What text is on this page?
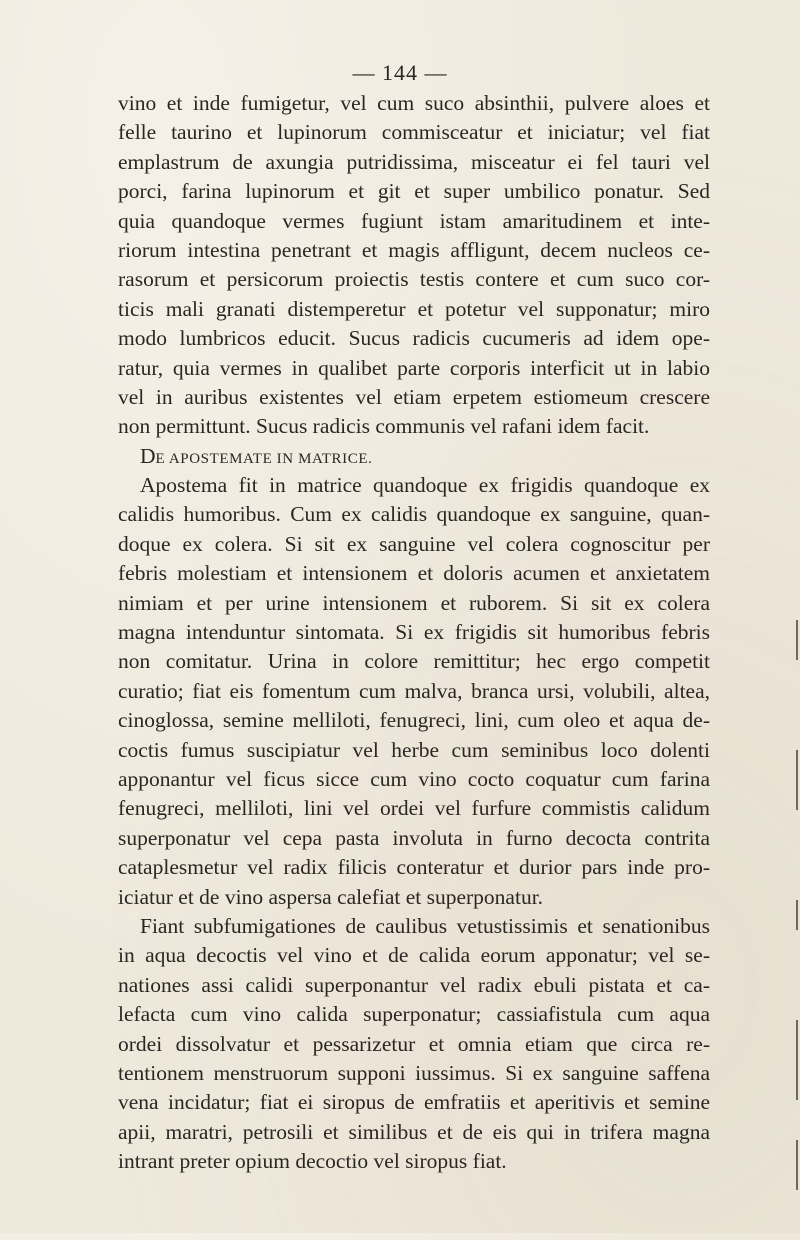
— 144 —
vino et inde fumigetur, vel cum suco absinthii, pulvere aloes et
felle taurino et lupinorum commisceatur et iniciatur; vel fiat
emplastrum de axungia putridissima, misceatur ei fel tauri vel
porci, farina lupinorum et git et super umbilico ponatur. Sed
quia quandoque vermes fugiunt istam amaritudinem et inte-
riorum intestina penetrant et magis affligunt, decem nucleos ce-
rasorum et persicorum proiectis testis contere et cum suco cor-
ticis mali granati distemperetur et potetur vel supponatur; miro
modo lumbricos educit. Sucus radicis cucumeris ad idem ope-
ratur, quia vermes in qualibet parte corporis interficit ut in labio
vel in auribus existentes vel etiam erpetem estiomeum crescere
non permittunt. Sucus radicis communis vel rafani idem facit.
DE APOSTEMATE IN MATRICE.
Apostema fit in matrice quandoque ex frigidis quandoque ex
calidis humoribus. Cum ex calidis quandoque ex sanguine, quan-
doque ex colera. Si sit ex sanguine vel colera cognoscitur per
febris molestiam et intensionem et doloris acumen et anxietatem
nimiam et per urine intensionem et ruborem. Si sit ex colera
magna intenduntur sintomata. Si ex frigidis sit humoribus febris
non comitatur. Urina in colore remittitur; hec ergo competit
curatio; fiat eis fomentum cum malva, branca ursi, volubili, altea,
cinoglossa, semine melliloti, fenugreci, lini, cum oleo et aqua de-
coctis fumus suscipiatur vel herbe cum seminibus loco dolenti
apponantur vel ficus sicce cum vino cocto coquatur cum farina
fenugreci, melliloti, lini vel ordei vel furfure commistis calidum
superponatur vel cepa pasta involuta in furno decocta contrita
cataplesmetur vel radix filicis conteratur et durior pars inde pro-
iciatur et de vino aspersa calefiat et superponatur.
Fiant subfumigationes de caulibus vetustissimis et senationibus
in aqua decoctis vel vino et de calida eorum apponatur; vel se-
nationes assi calidi superponantur vel radix ebuli pistata et ca-
lefacta cum vino calida superponatur; cassiafistula cum aqua
ordei dissolvatur et pessarizetur et omnia etiam que circa re-
tentionem menstruorum supponi iussimus. Si ex sanguine saffena
vena incidatur; fiat ei siropus de emfratiis et aperitivis et semine
apii, maratri, petrosili et similibus et de eis qui in trifera magna
intrant preter opium decoctio vel siropus fiat.
